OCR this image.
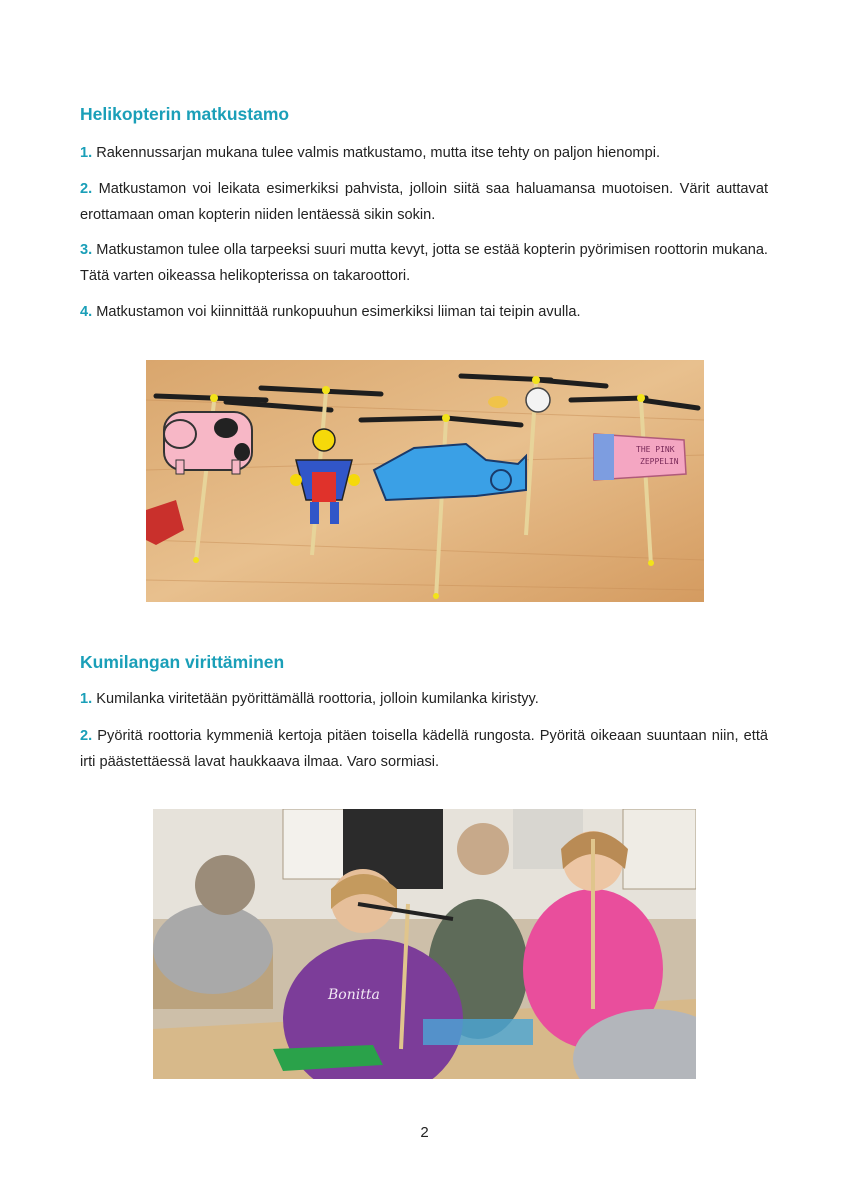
Helikopterin matkustamo

1. Rakennussarjan mukana tulee valmis matkustamo, mutta itse tehty on paljon hienompi.

2. Matkustamon voi leikata esimerkiksi pahvista, jolloin siitä saa haluamansa muotoisen. Värit auttavat erottamaan oman kopterin niiden lentäessä sikin sokin.

3. Matkustamon tulee olla tarpeeksi suuri mutta kevyt, jotta se estää kopterin pyörimisen roottorin mukana. Tätä varten oikeassa helikopterissa on takaroottori.

4. Matkustamon voi kiinnittää runkopuuhun esimerkiksi liiman tai teipin avulla.

THE PINK
ZEPPELIN
Kumilangan virittäminen

1. Kumilanka viritetään pyörittämällä roottoria, jolloin kumilanka kiristyy.

2. Pyöritä roottoria kymmeniä kertoja pitäen toisella kädellä rungosta. Pyöritä oikeaan suuntaan niin, että irti päästettäessä lavat haukkaava ilmaa. Varo sormiasi.

Bonitta
2
